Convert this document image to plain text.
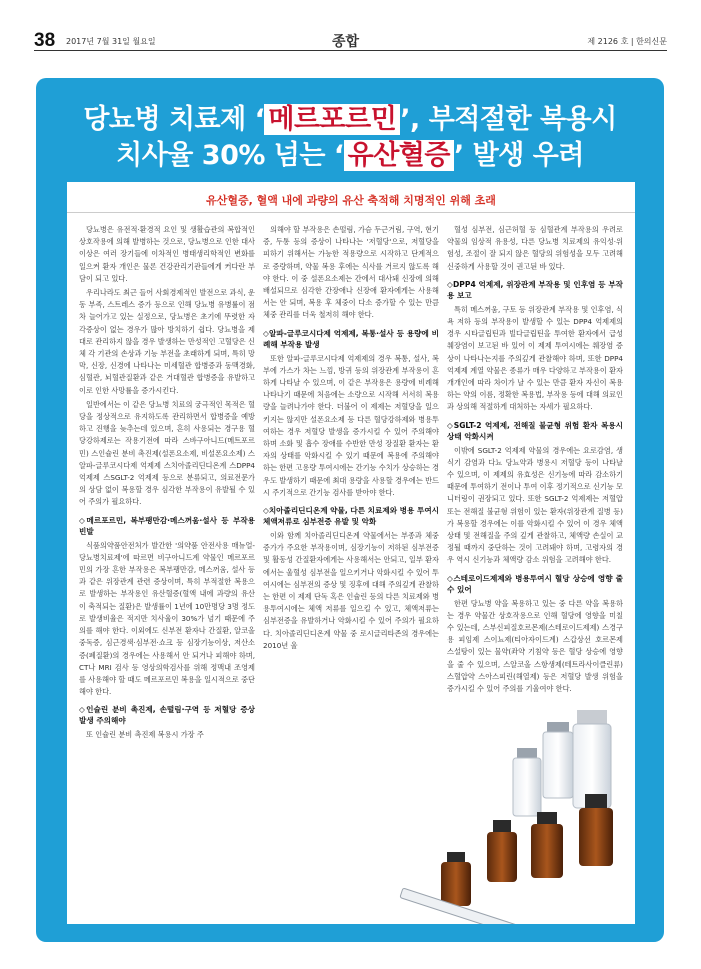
38 2017년 7월 31일 월요일	종합	제 2126 호 | 한의신문
당뇨병 치료제 ‘ 메르포르민 ’, 부적절한 복용시
치사율 30% 넘는 ‘ 유산혈증 ’ 발생 우려
유산혈증, 혈액 내에 과량의 유산 축적해 치명적인 위해 초래

당뇨병은 유전적·환경적 요인 및 생활습관의 복합적인 상호작용에 의해 발병하는 것으로, 당뇨병으로 인한 대사이상은 여러 장기들에 이차적인 병태생리학적인 변화를 일으켜 환자 개인은 물론 건강관리기관들에게 커다란 부담이 되고 있다.

우리나라도 최근 들어 사회경제적인 발전으로 과식, 운동 부족, 스트레스 증가 등으로 인해 당뇨병 유병률이 점차 늘어가고 있는 실정으로, 당뇨병은 초기에 뚜렷한 자각증상이 없는 경우가 많아 방치하기 쉽다. 당뇨병을 제대로 관리하지 않을 경우 발생하는 만성적인 고혈당은 신체 각 기관의 손상과 기능 부전을 초래하게 되며, 특히 망막, 신장, 신경에 나타나는 미세혈관 합병증과 동맥경화, 심혈관, 뇌혈관질환과 같은 거대혈관 합병증을 유발하고 이로 인한 사망률을 증가시킨다.

일반에서는 이 같은 당뇨병 치료의 궁극적인 목적은 혈당을 정상적으로 유지하도록 관리하면서 합병증을 예방하고 진행을 늦추는데 있으며, 흔히 사용되는 경구용 혈당강하제로는 작용기전에 따라 스바구아니드(메트포르민) 스인슐린 분비 촉진제(설폰요소제, 비설폰요소제) 스알파-글루코시다제 억제제 스치아졸리딘디온계 스DPP4 억제제 스SGLT-2 억제제 등으로 분류되고, 의료전문가의 상담 없이 복용할 경우 심각한 부작용이 유발될 수 있어 주의가 필요하다.

◇메르포르민, 복부팽만감·메스꺼움·설사 등 부작용 빈발

식품의약품안전처가 발간한 '의약품 안전사용 매뉴얼-당뇨병치료제'에 따르면 비구아니드계 약물인 메르포르민의 가장 흔한 부작용은 복부팽만감, 메스꺼움, 설사 등과 같은 위장관계 관련 증상이며, 특히 부적절한 복용으로 발생하는 부작용인 유산혈증(혈액 내에 과량의 유산이 축적되는 질환)은 발생률이 1년에 10만명당 3명 정도로 발생비율은 적지만 치사율이 30%가 넘기 때문에 주의를 해야 한다. 이외에도 신부전 환자나 간질환, 알코올 중독증, 심근경색·심부전·쇼크 등 심장기능이상, 저산소증(폐질환)의 경우에는 사용해서 안 되거나 피해야 하며, CT나 MRI 검사 등 영상의학검사를 위해 정맥내 조영제를 사용해야 할 때도 메르포르민 복용을 일시적으로 중단해야 한다.

◇인슐린 분비 촉진제, 손떨림·구역 등 저혈당 증상 발생 주의해야

또 인슐린 분비 촉진제 복용시 가장 주

의해야 할 부작용은 손떨림, 가슴 두근거림, 구역, 현기증, 두통 등의 증상이 나타나는 '저혈당'으로, 저혈당을 피하기 위해서는 가능한 적용량으로 시작하고 단계적으로 증량하며, 약물 복용 후에는 식사를 거르지 않도록 해야 한다. 이 중 설폰요소제는 간에서 대사돼 신장에 의해 배설되므로 심각한 간장애나 신장애 환자에게는 사용해서는 안 되며, 복용 후 체중이 다소 증가할 수 있는 만큼 체중 관리를 더욱 철저히 해야 한다.

◇알파-글루코시다제 억제제, 복통·설사 등 용량에 비례해 부작용 발생

또한 알파-글루코시다제 억제제의 경우 복통, 설사, 복부에 가스가 차는 느낌, 방귀 등의 위장관계 부작용이 흔하게 나타날 수 있으며, 이 같은 부작용은 용량에 비례해 나타나기 때문에 처음에는 소량으로 시작해 서서히 복용량을 늘려나가야 한다. 더불어 이 제제는 저혈당을 일으키지는 않지만 설폰요소제 등 다른 혈당강하제와 병용투여하는 경우 저혈당 발생을 증가시킬 수 있어 주의해야 하며 소화 및 흡수 장애를 수반한 만성 장질환 환자는 환자의 상태를 악화시킬 수 있기 때문에 복용에 주의해야 하는 한편 고용량 투여시에는 간기능 수치가 상승하는 경우도 발생하기 때문에 최대 용량을 사용할 경우에는 반드시 주기적으로 간기능 검사를 받아야 한다.

◇치아졸리딘디온계 약물, 다른 치료제와 병용 투여시 체액저류로 심부전증 유발 및 악화

이와 함께 치아졸리딘디온계 약물에서는 부종과 체중 증가가 주요한 부작용이며, 심장기능이 저하된 심부전증 및 활동성 간질환자에게는 사용해서는 안되고, 일부 환자에서는 울혈성 심부전을 일으키거나 악화시킬 수 있어 투여시에는 심부전의 증상 및 징후에 대해 주의깊게 관찰하는 한편 이 제제 단독 혹은 인슐린 등의 다른 치료제와 병용투여시에는 체액 저류를 일으킬 수 있고, 체액저류는 심부전증을 유발하거나 악화시킬 수 있어 주의가 필요하다. 치아졸리딘디온계 약물 중 로시글리타존의 경우에는 2010년 울

혈성 심부전, 심근허혈 등 심혈관계 부작용의 우려로 약물의 임상적 유용성, 다른 당뇨병 치료제의 유익성·위험성, 조절이 잘 되지 않은 혈당의 위험성을 모두 고려해 신중하게 사용할 것이 권고된 바 있다.

◇DPP4 억제제, 위장관계 부작용 및 인후염 등 부작용 보고

특히 메스꺼움, 구토 등 위장관계 부작용 및 인후염, 식욕 저하 등의 부작용이 발생할 수 있는 DPP4 억제제의 경우 시타글립틴과 빌다글립틴을 투여한 환자에서 급성 췌장염이 보고된 바 있어 이 제제 투여시에는 췌장염 증상이 나타나는지를 주의깊게 관찰해야 하며, 또한 DPP4 억제제 계열 약물은 종류가 매우 다양하고 부작용이 환자 개개인에 따라 차이가 날 수 있는 만큼 환자 자신이 복용하는 약의 이름, 정확한 복용법, 부작용 등에 대해 의료인과 상의해 적절하게 대처하는 자세가 필요하다.

◇SGLT-2 억제제, 전해질 불균형 위험 환자 복용시 상태 악화시켜

이밖에 SGLT-2 억제제 약물의 경우에는 요로감염, 생식기 감염과 다뇨 당뇨약과 병용시 저혈당 등이 나타날 수 있으며, 이 제제의 유효성은 신기능에 따라 감소하기 때문에 투여하기 전이나 투여 이후 정기적으로 신기능 모니터링이 권장되고 있다. 또한 SGLT-2 억제제는 저혈압 또는 전해질 불균형 위험이 있는 환자(위장관계 질병 등)가 복용할 경우에는 이를 악화시킬 수 있어 이 경우 체액상태 및 전해질을 주의 깊게 관찰하고, 체액량 손실이 교정될 때까지 중단하는 것이 고려돼야 하며, 고령자의 경우 역시 신기능과 체액량 감소 위험을 고려해야 한다.

◇스테로이드제제와 병용투여시 혈당 상승에 영향 줄 수 있어

한편 당뇨병 약을 복용하고 있는 중 다른 약을 복용하는 경우 약물간 상호작용으로 인해 혈당에 영향을 미칠 수 있는데, 스부신피질호르몬제(스테로이드제제) 스경구용 피임제 스이뇨제(티아자이드계) 스갑상선 호르몬제 스설탕이 있는 물약(좌약 기침약 등은 혈당 상승에 영향을 줄 수 있으며, 스알코올 스항생제(테트라사이클린류) 스혈압약 스아스피린(해열제) 등은 저혈당 발생 위험을 증가시킬 수 있어 주의를 기울여야 한다.
